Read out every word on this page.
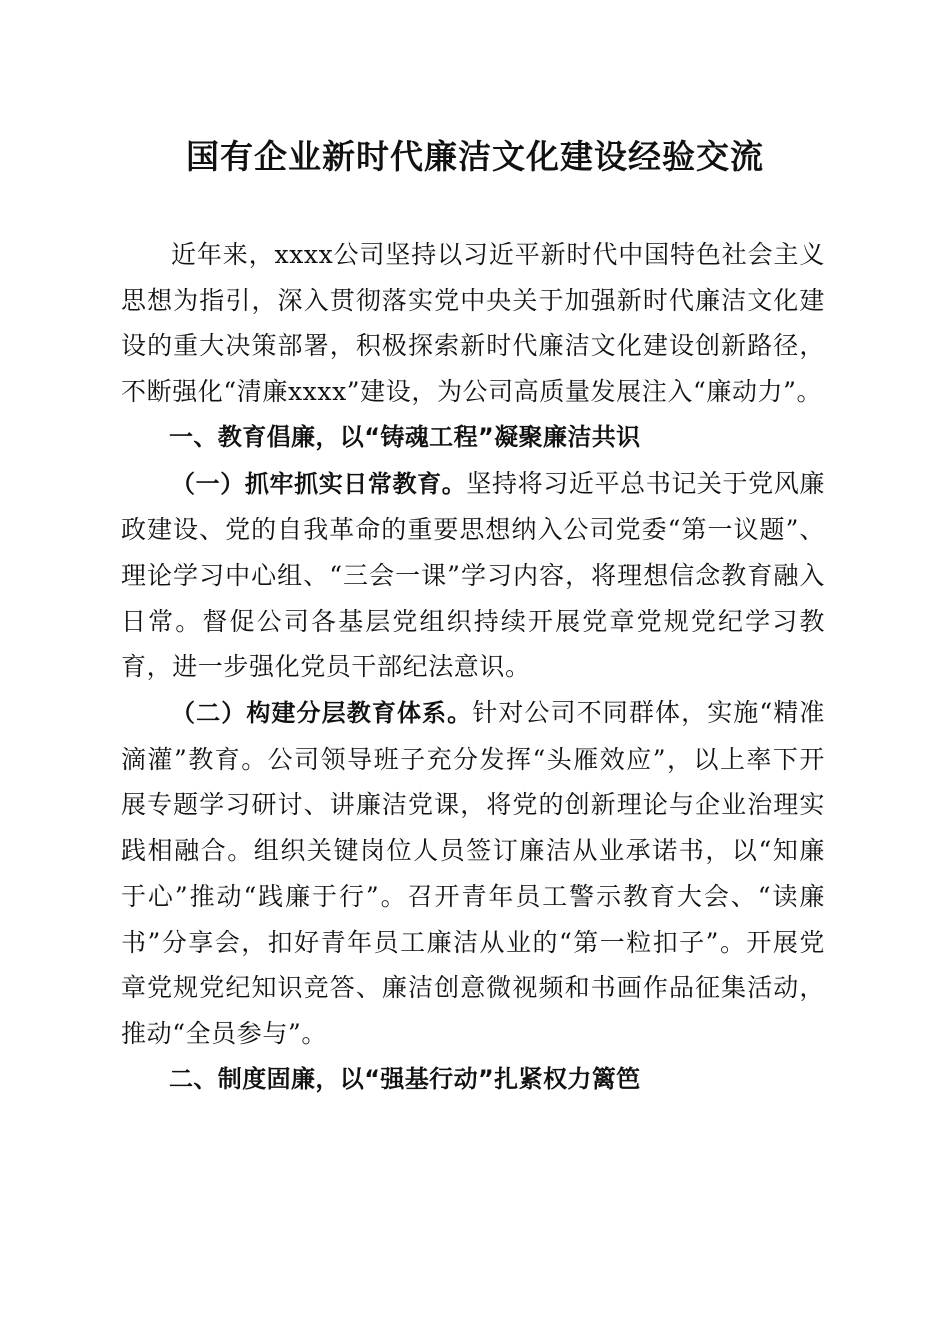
国有企业新时代廉洁文化建设经验交流

近年来，xxxx公司坚持以习近平新时代中国特色社会主义思想为指引，深入贯彻落实党中央关于加强新时代廉洁文化建设的重大决策部署，积极探索新时代廉洁文化建设创新路径，不断强化“清廉xxxx”建设，为公司高质量发展注入“廉动力”。

一、教育倡廉，以“铸魂工程”凝聚廉洁共识

（一）抓牢抓实日常教育。坚持将习近平总书记关于党风廉政建设、党的自我革命的重要思想纳入公司党委“第一议题”、理论学习中心组、“三会一课”学习内容，将理想信念教育融入日常。督促公司各基层党组织持续开展党章党规党纪学习教育，进一步强化党员干部纪法意识。

（二）构建分层教育体系。针对公司不同群体，实施“精准滴灌”教育。公司领导班子充分发挥“头雁效应”，以上率下开展专题学习研讨、讲廉洁党课，将党的创新理论与企业治理实践相融合。组织关键岗位人员签订廉洁从业承诺书，以“知廉于心”推动“践廉于行”。召开青年员工警示教育大会、“读廉书”分享会，扣好青年员工廉洁从业的“第一粒扣子”。开展党章党规党纪知识竞答、廉洁创意微视频和书画作品征集活动，推动“全员参与”。

二、制度固廉，以“强基行动”扎紧权力篱笆
